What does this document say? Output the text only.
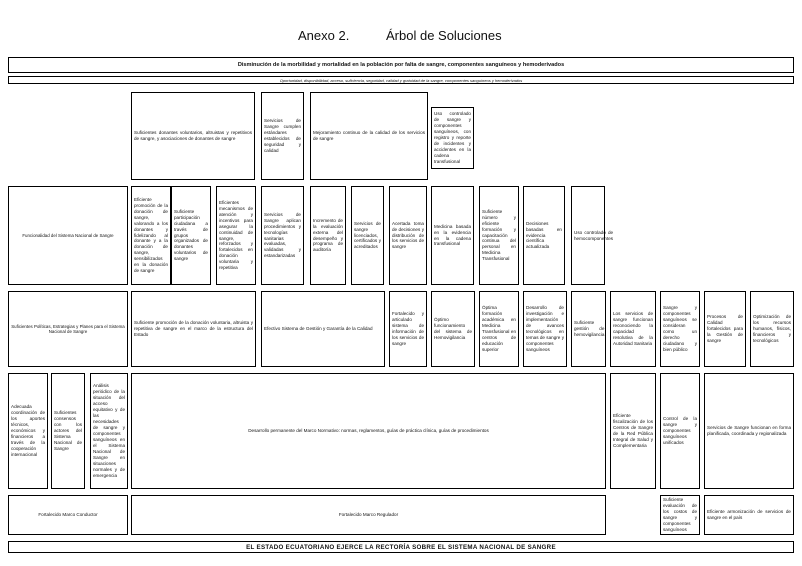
Anexo 2.	Árbol de Soluciones
Disminución de la morbilidad y mortalidad en la población por falta de sangre, componentes sanguíneos y hemoderivados
Oportunidad, disponibilidad, acceso, suficiencia, seguridad, calidad y gratuidad de la sangre, componentes sanguíneos y hemoderivados
Suficientes donantes voluntarios, altruistas y repetitivos de sangre, y asociaciones de donantes de sangre
Servicios de Sangre cumplen estándares establecidos de seguridad y calidad
Mejoramiento continuo de la calidad de los servicios de sangre
Uso controlado de sangre y componentes sanguíneos, con registro y reporte de incidentes y accidentes en la cadena transfusional
Funcionalidad del Sistema Nacional de Sangre
Eficiente promoción de la donación de sangre, valorando a los donantes y fidelizando al donante y a la donación de sangre, sensibilizados en la donación de sangre
Suficiente participación ciudadana a través de grupos organizados de donantes voluntarios de sangre
Eficientes mecanismos de atención y incentivos para asegurar la continuidad de sangre, reforzados y fortalecidos en donación voluntaria y repetitiva
Servicios de Sangre aplican procedimientos y tecnologías sanitarias evaluadas, validadas y estandarizadas
Incremento de la evaluación externa del desempeño y programa de auditoría
Servicios de sangre licenciados, certificados y acreditados
Acertada toma de decisiones y distribución de los servicios de sangre
Medicina basada en la evidencia en la cadena transfusional
Suficiente número y eficiente formación y capacitación continua del personal en Medicina Transfusional
Decisiones basadas en evidencia científica actualizada
Uso controlado de hemocomponentes
Suficientes Políticas, Estrategias y Planes para el Sistema Nacional de Sangre
Suficiente promoción de la donación voluntaria, altruista y repetitiva de sangre en el marco de la estructura del Estado
Efectivo Sistema de Gestión y Garantía de la Calidad
Fortalecido y articulado sistema de información de los servicios de sangre
Óptimo funcionamiento del sistema de Hemovigilancia
Óptima formación académica en Medicina Transfusional en centros de educación superior
Desarrollo de investigación e implementación de avances tecnológicos en temas de sangre y componentes sanguíneos
Suficiente gestión de hemovigilancia
Los servicios de sangre funcionan reconociendo la capacidad resolutiva de la Autoridad Sanitaria
Sangre y componentes sanguíneos se consideran como un derecho ciudadano y bien público
Procesos de Calidad fortalecidos para la Gestión de sangre
Optimización de los recursos humanos, físicos, financieros y tecnológicos
Adecuada coordinación de los aportes técnicos, económicos y financieros a través de la cooperación internacional
Suficientes consensos con los actores del Sistema Nacional de Sangre
Análisis periódico de la situación del acceso equitativo y de las necesidades de sangre y componentes sanguíneos en el Sistema Nacional de Sangre en situaciones normales y de emergencia
Desarrollo permanente del Marco Normativo: normas, reglamentos, guías de práctica clínica, guías de procedimientos
Eficiente fiscalización de los Centros de Sangre de la Red Pública Integral de Salud y Complementaria
Control de la sangre y componentes sanguíneos unificados
Servicios de Sangre funcionan en forma planificada, coordinada y regionalizada
Fortalecido Marco Conductor	Fortalecido Marco Regulador
Suficiente evaluación de los costos de sangre y componentes sanguíneos
Eficiente armonización de servicios de sangre en el país
EL ESTADO ECUATORIANO EJERCE LA RECTORÍA SOBRE EL SISTEMA NACIONAL DE SANGRE
